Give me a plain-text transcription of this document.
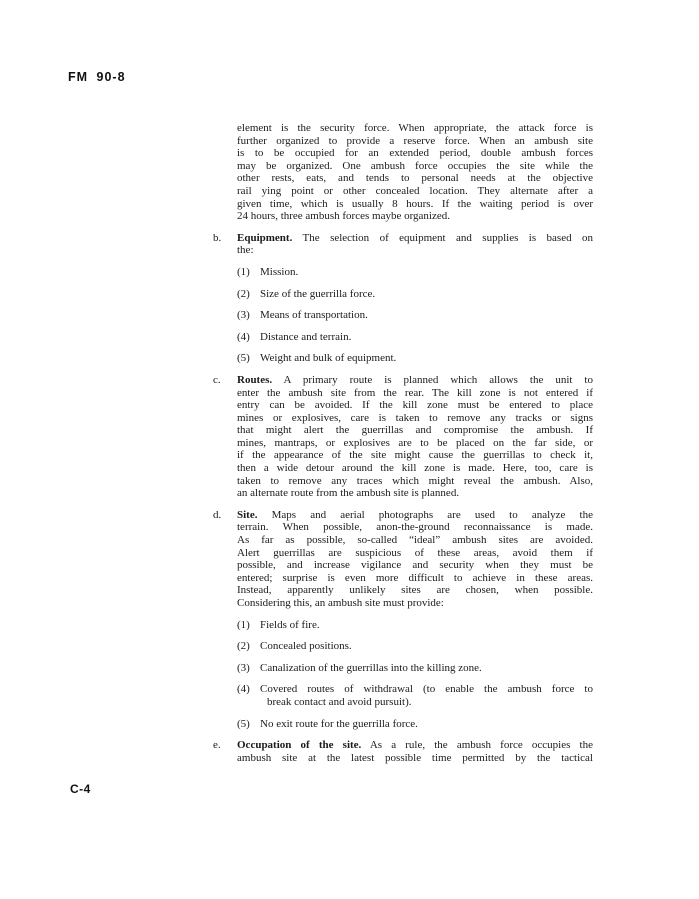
FM 90-8
element is the security force. When appropriate, the attack force is
further organized to provide a reserve force. When an ambush site
is to be occupied for an extended period, double ambush forces
may be organized. One ambush force occupies the site while the
other rests, eats, and tends to personal needs at the objective
rail ying point or other concealed location. They alternate after a
given time, which is usually 8 hours. If the waiting period is over
24 hours, three ambush forces maybe organized.
b.	Equipment. The selection of equipment and supplies is based on
the:
(1) Mission.
(2) Size of the guerrilla force.
(3) Means of transportation.
(4) Distance and terrain.
(5) Weight and bulk of equipment.
c.	Routes. A primary route is planned which allows the unit to
enter the ambush site from the rear. The kill zone is not entered if
entry can be avoided. If the kill zone must be entered to place
mines or explosives, care is taken to remove any tracks or signs
that might alert the guerrillas and compromise the ambush. If
mines, mantraps, or explosives are to be placed on the far side, or
if the appearance of the site might cause the guerrillas to check it,
then a wide detour around the kill zone is made. Here, too, care is
taken to remove any traces which might reveal the ambush. Also,
an alternate route from the ambush site is planned.
d.	Site. Maps and aerial photographs are used to analyze the
terrain. When possible, anon-the-ground reconnaissance is made.
As far as possible, so-called “ideal” ambush sites are avoided.
Alert guerrillas are suspicious of these areas, avoid them if
possible, and increase vigilance and security when they must be
entered; surprise is even more difficult to achieve in these areas.
Instead, apparently unlikely sites are chosen, when possible.
Considering this, an ambush site must provide:
(1) Fields of fire.
(2) Concealed positions.
(3) Canalization of the guerrillas into the killing zone.
(4) Covered routes of withdrawal (to enable the ambush force to
break contact and avoid pursuit).
(5) No exit route for the guerrilla force.
e.	Occupation of the site. As a rule, the ambush force occupies the
ambush site at the latest possible time permitted by the tactical
C-4
